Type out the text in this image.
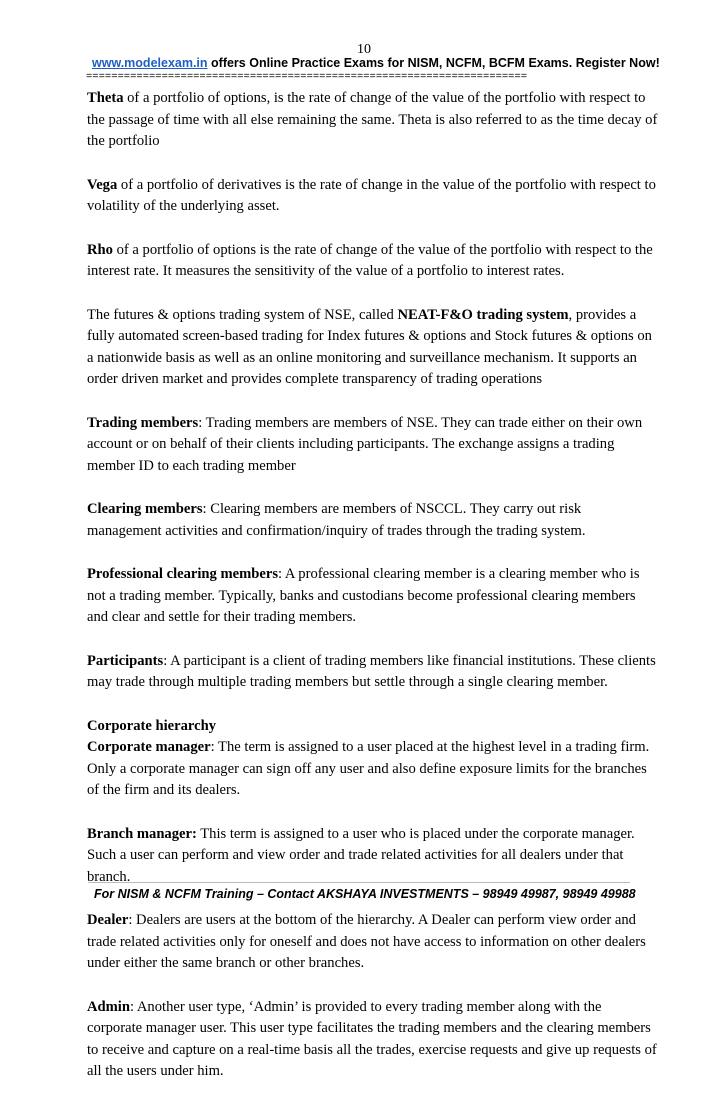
10
www.modelexam.in offers Online Practice Exams for NISM, NCFM, BCFM Exams. Register Now!
======================================================================

Theta of a portfolio of options, is the rate of change of the value of the portfolio with respect to the passage of time with all else remaining the same. Theta is also referred to as the time decay of the portfolio

Vega of a portfolio of derivatives is the rate of change in the value of the portfolio with respect to volatility of the underlying asset.

Rho of a portfolio of options is the rate of change of the value of the portfolio with respect to the interest rate. It measures the sensitivity of the value of a portfolio to interest rates.

The futures & options trading system of NSE, called NEAT-F&O trading system, provides a fully automated screen-based trading for Index futures & options and Stock futures & options on a nationwide basis as well as an online monitoring and surveillance mechanism. It supports an order driven market and provides complete transparency of trading operations

Trading members: Trading members are members of NSE. They can trade either on their own account or on behalf of their clients including participants. The exchange assigns a trading member ID to each trading member

Clearing members: Clearing members are members of NSCCL. They carry out risk management activities and confirmation/inquiry of trades through the trading system.

Professional clearing members: A professional clearing member is a clearing member who is not a trading member. Typically, banks and custodians become professional clearing members and clear and settle for their trading members.

Participants: A participant is a client of trading members like financial institutions. These clients may trade through multiple trading members but settle through a single clearing member.

Corporate hierarchy

Corporate manager: The term is assigned to a user placed at the highest level in a trading firm. Only a corporate manager can sign off any user and also define exposure limits for the branches of the firm and its dealers.

Branch manager: This term is assigned to a user who is placed under the corporate manager. Such a user can perform and view order and trade related activities for all dealers under that branch.

Dealer: Dealers are users at the bottom of the hierarchy. A Dealer can perform view order and trade related activities only for oneself and does not have access to information on other dealers under either the same branch or other branches.

Admin: Another user type, ‘Admin’ is provided to every trading member along with the corporate manager user. This user type facilitates the trading members and the clearing members to receive and capture on a real-time basis all the trades, exercise requests and give up requests of all the users under him.

For NISM & NCFM Training – Contact AKSHAYA INVESTMENTS – 98949 49987, 98949 49988
